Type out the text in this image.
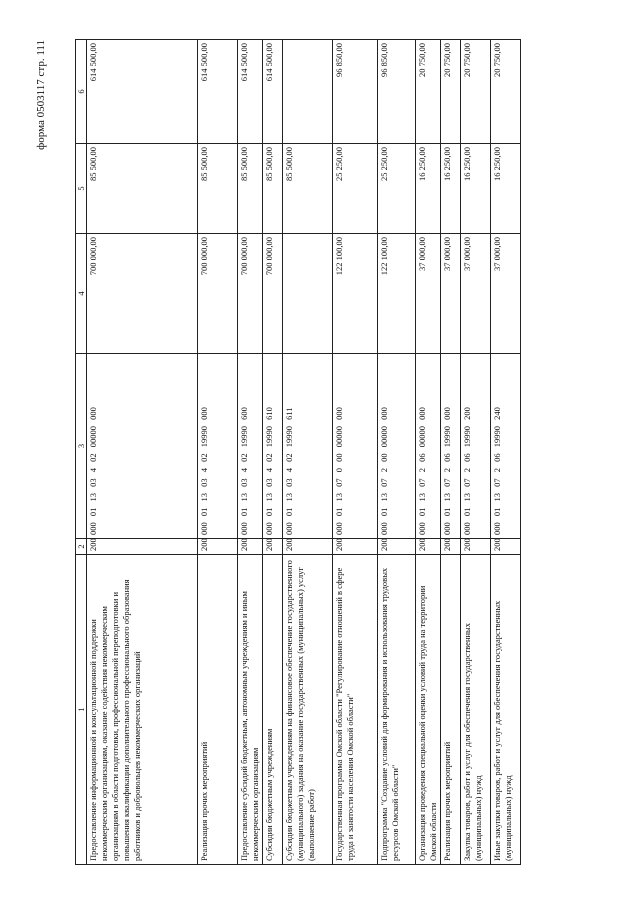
форма 0503117 стр. 111
1	2	3	4	5	6
Предоставление информационной и консультационной поддержки некоммерческим организациям, оказание содействия некоммерческим организациям в области подготовки, профессиональной переподготовки и повышения квалификации дополнительного профессионального образования работников и добровольцев некоммерческих организаций	200	000 01 13 03 4 02 00000 000	700 000,00	85 500,00	614 500,00
Реализация прочих мероприятий	200	000 01 13 03 4 02 19990 000	700 000,00	85 500,00	614 500,00
Предоставление субсидий бюджетным, автономным учреждениям и иным некоммерческим организациям	200	000 01 13 03 4 02 19990 600	700 000,00	85 500,00	614 500,00
Субсидии бюджетным учреждениям	200	000 01 13 03 4 02 19990 610	700 000,00	85 500,00	614 500,00
Субсидии бюджетным учреждениям на финансовое обеспечение государственного (муниципального) задания на оказание государственных (муниципальных) услуг (выполнение работ)	200	000 01 13 03 4 02 19990 611		85 500,00	
Государственная программа Омской области "Регулирование отношений в сфере труда и занятости населения Омской области"	200	000 01 13 07 0 00 00000 000	122 100,00	25 250,00	96 850,00
Подпрограмма "Создание условий для формирования и использования трудовых ресурсов Омской области"	200	000 01 13 07 2 00 00000 000	122 100,00	25 250,00	96 850,00
Организация проведения специальной оценки условий труда на территории Омской области	200	000 01 13 07 2 06 00000 000	37 000,00	16 250,00	20 750,00
Реализация прочих мероприятий	200	000 01 13 07 2 06 19990 000	37 000,00	16 250,00	20 750,00
Закупка товаров, работ и услуг для обеспечения государственных (муниципальных) нужд	200	000 01 13 07 2 06 19990 200	37 000,00	16 250,00	20 750,00
Иные закупки товаров, работ и услуг для обеспечения государственных (муниципальных) нужд	200	000 01 13 07 2 06 19990 240	37 000,00	16 250,00	20 750,00
